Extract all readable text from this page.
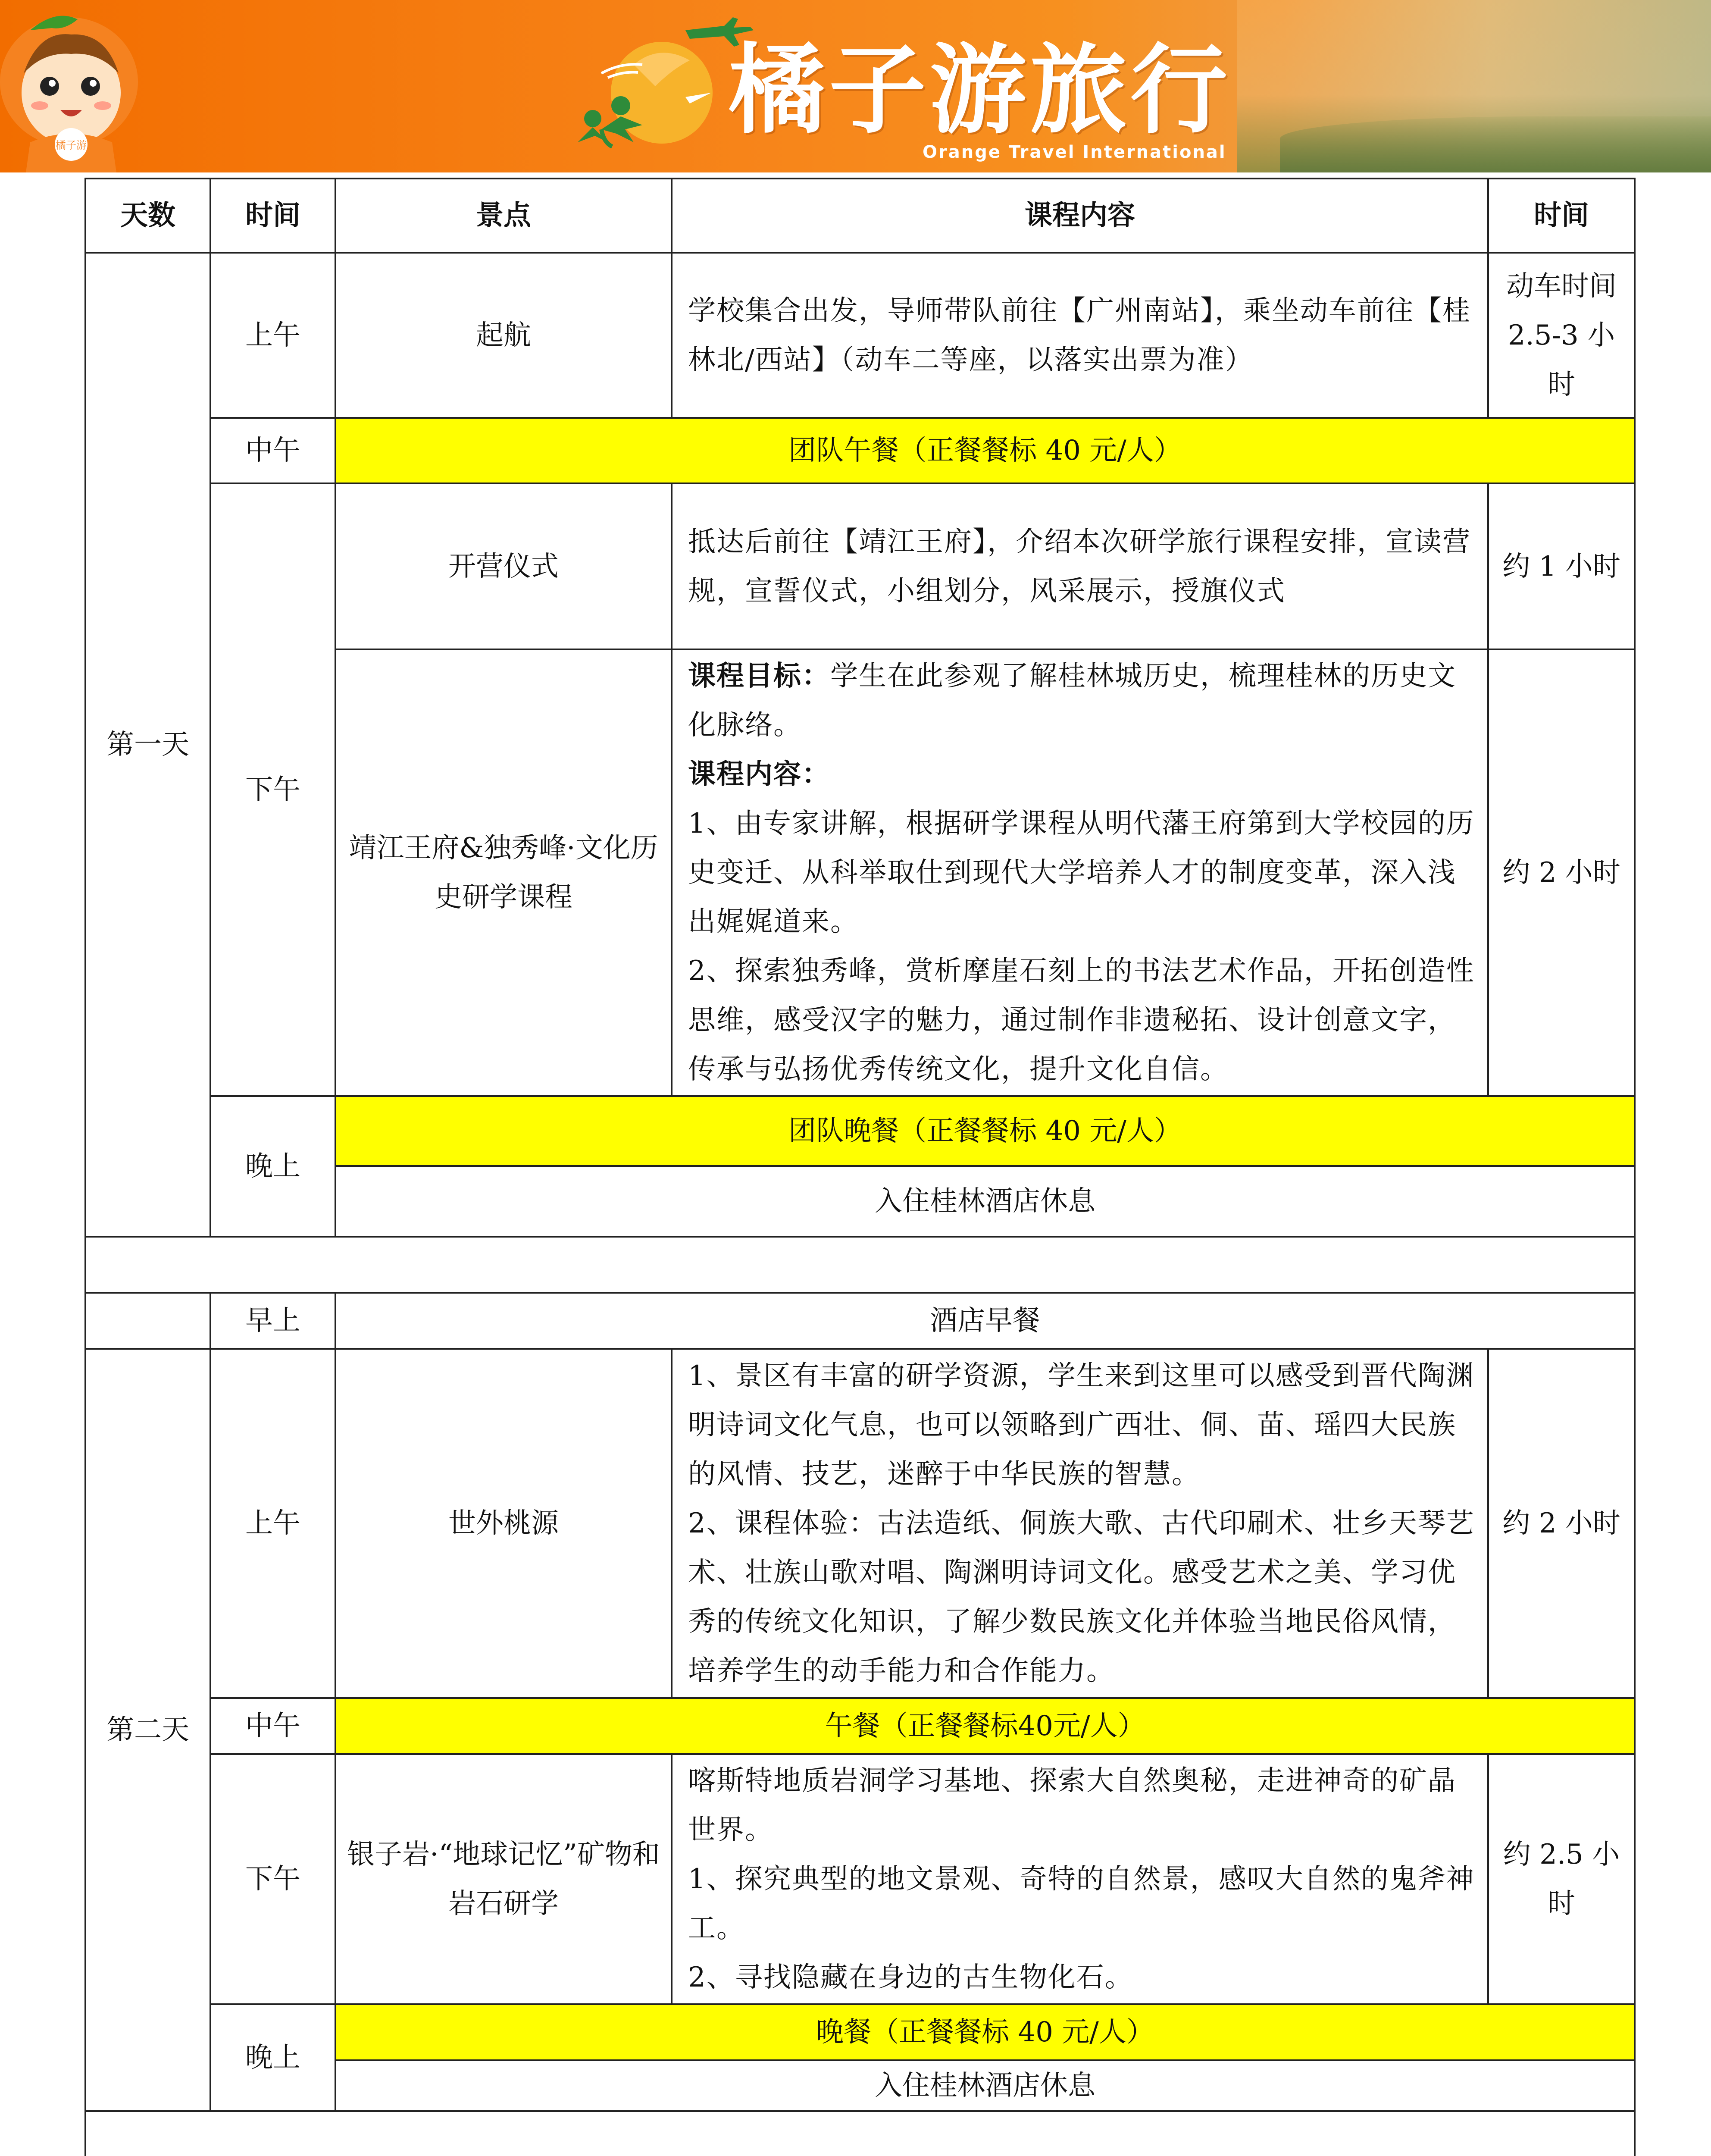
橘子游	橘子游旅行
Orange Travel International
天数	时间	景点	课程内容	时间
第一天	上午	起航	学校集合出发，导师带队前往【广州南站】，乘坐动车前往【桂林北/西站】（动车二等座，以落实出票为准）	动车时间 2.5-3 小时
	中午	团队午餐（正餐餐标 40 元/人）		
	下午	开营仪式	抵达后前往【靖江王府】，介绍本次研学旅行课程安排，宣读营规，宣誓仪式，小组划分，风采展示，授旗仪式	约 1 小时
		靖江王府&独秀峰·文化历史研学课程	课程目标：学生在此参观了解桂林城历史，梳理桂林的历史文化脉络。
课程内容：
1、由专家讲解，根据研学课程从明代藩王府第到大学校园的历史变迁、从科举取仕到现代大学培养人才的制度变革，深入浅出娓娓道来。
2、探索独秀峰，赏析摩崖石刻上的书法艺术作品，开拓创造性思维，感受汉字的魅力，通过制作非遗秘拓、设计创意文字，传承与弘扬优秀传统文化，提升文化自信。	约 2 小时
	晚上	团队晚餐（正餐餐标 40 元/人）		
		入住桂林酒店休息		

	早上	酒店早餐		
第二天	上午	世外桃源	1、景区有丰富的研学资源，学生来到这里可以感受到晋代陶渊明诗词文化气息，也可以领略到广西壮、侗、苗、瑶四大民族的风情、技艺，迷醉于中华民族的智慧。
2、课程体验：古法造纸、侗族大歌、古代印刷术、壮乡天琴艺术、壮族山歌对唱、陶渊明诗词文化。感受艺术之美、学习优秀的传统文化知识，了解少数民族文化并体验当地民俗风情，培养学生的动手能力和合作能力。	约 2 小时
	中午	午餐（正餐餐标40元/人）		
	下午	银子岩·“地球记忆”矿物和岩石研学	喀斯特地质岩洞学习基地、探索大自然奥秘，走进神奇的矿晶世界。
1、探究典型的地文景观、奇特的自然景，感叹大自然的鬼斧神工。
2、寻找隐藏在身边的古生物化石。	约 2.5 小时
	晚上	晚餐（正餐餐标 40 元/人）		
		入住桂林酒店休息		
